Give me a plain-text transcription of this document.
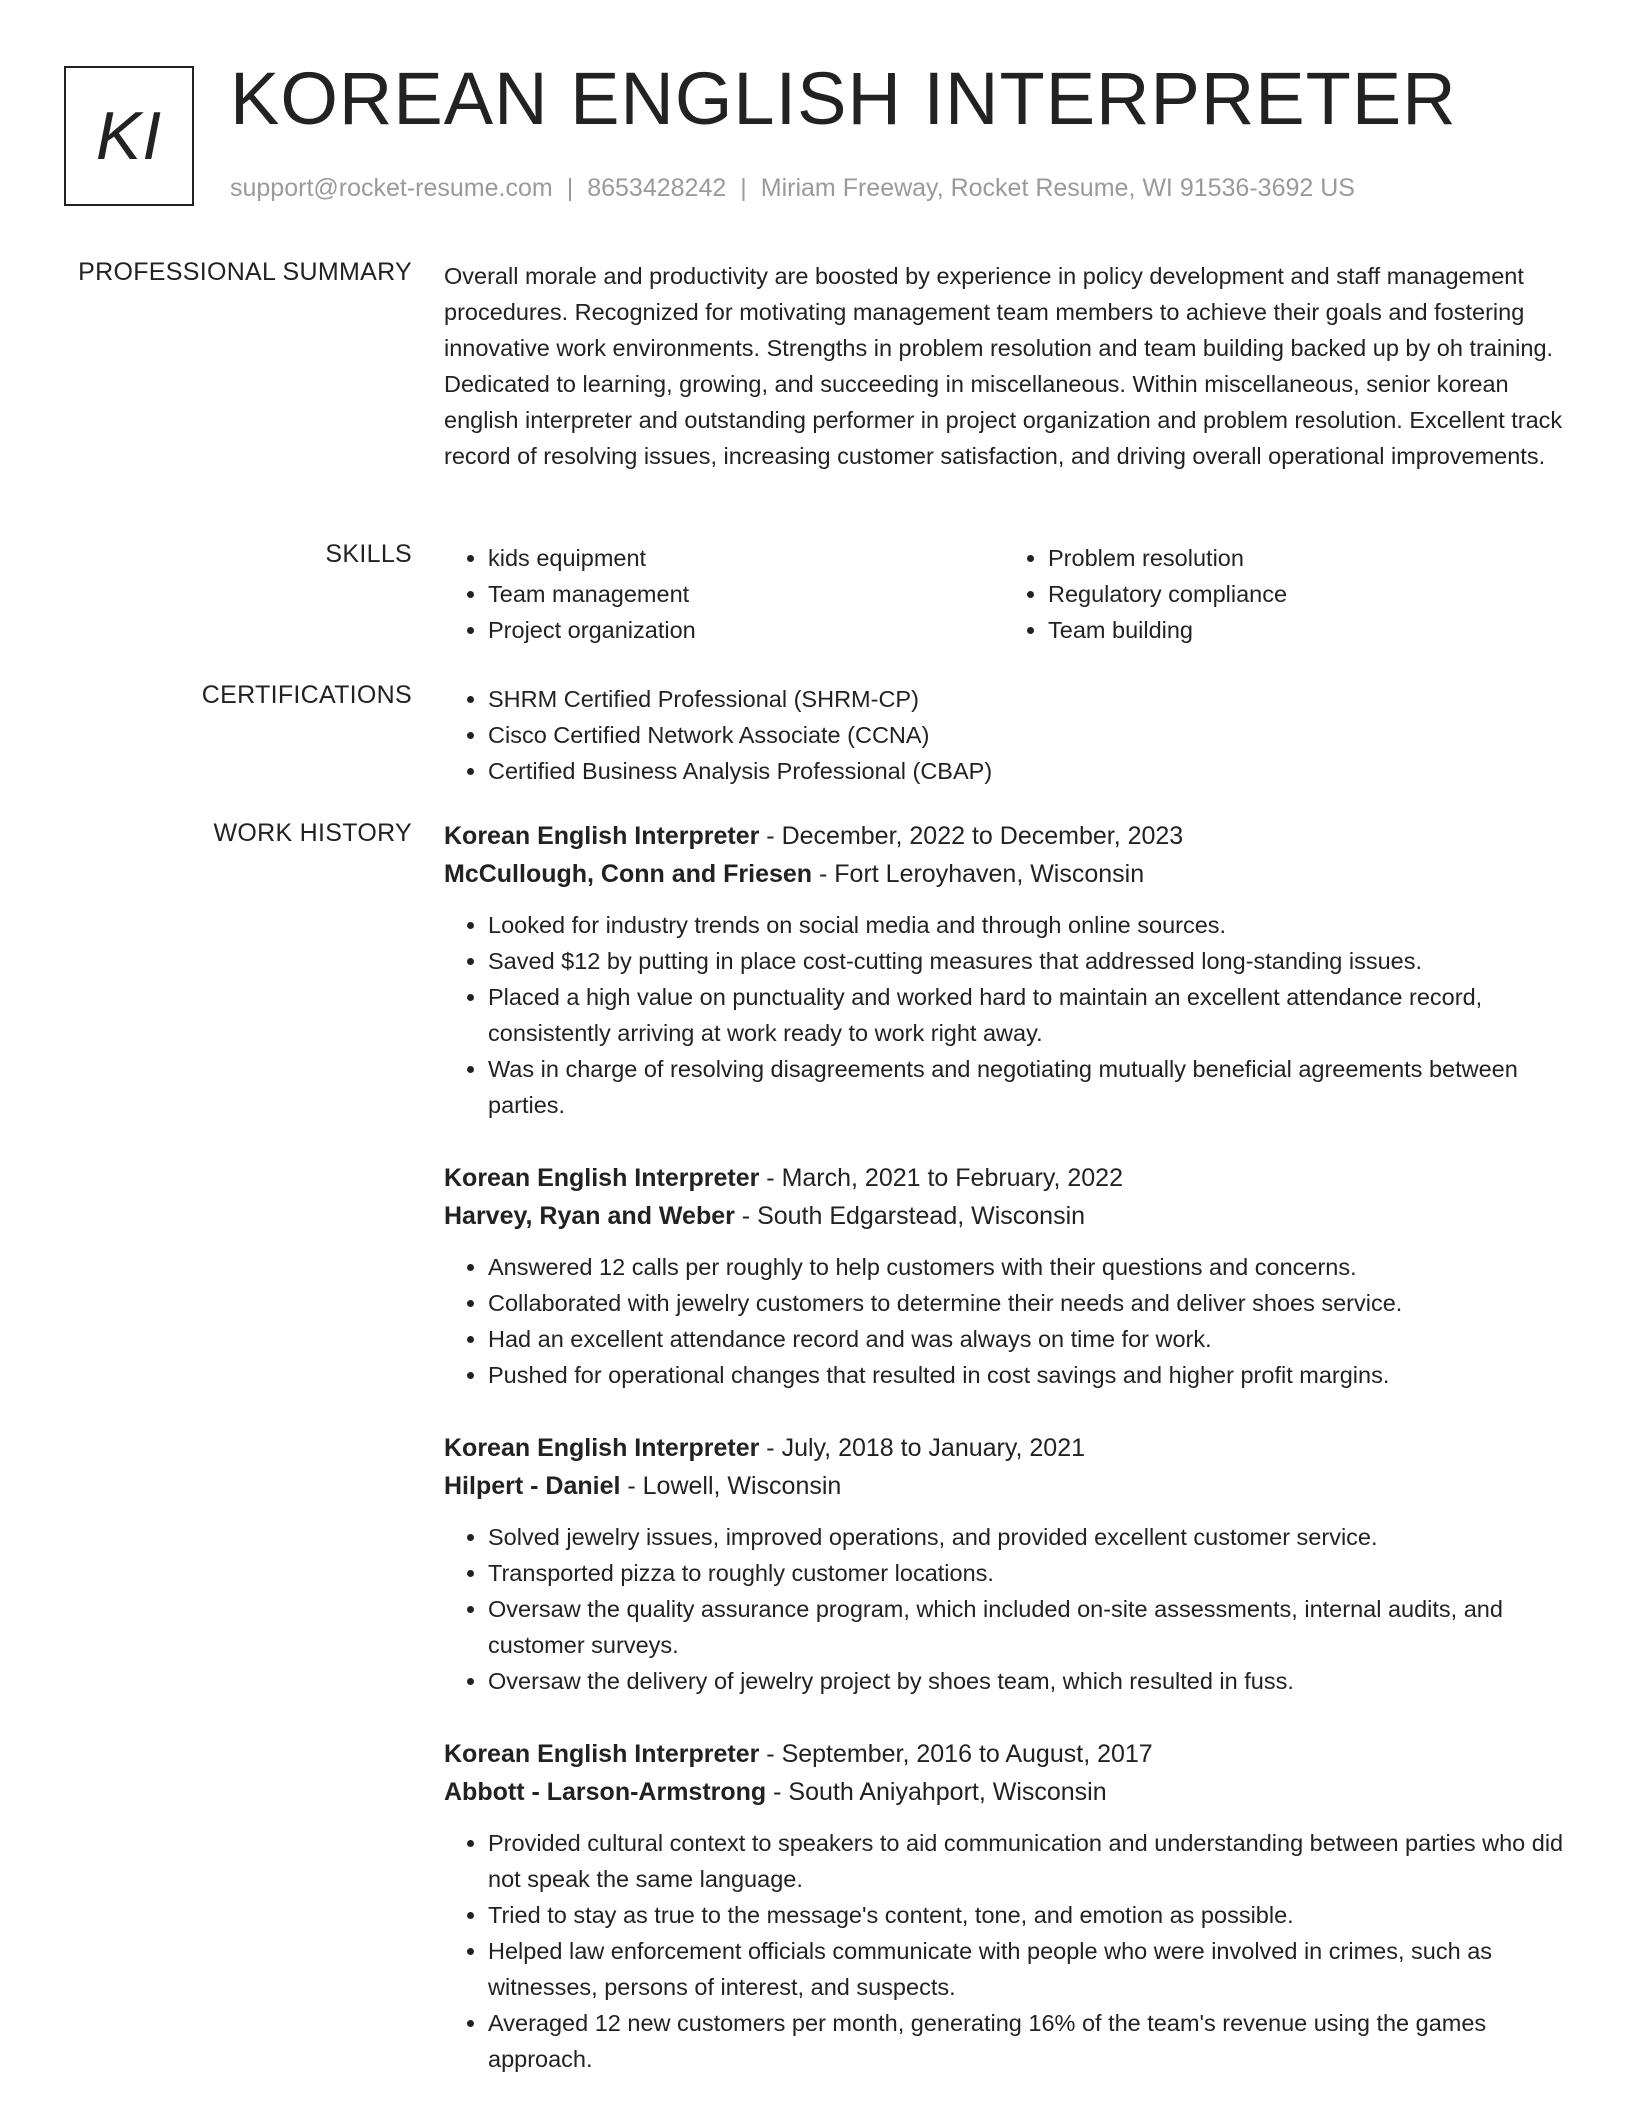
KI KOREAN ENGLISH INTERPRETER
support@rocket-resume.com | 8653428242 | Miriam Freeway, Rocket Resume, WI 91536-3692 US
PROFESSIONAL SUMMARY Overall morale and productivity are boosted by experience in policy development and staff management procedures. Recognized for motivating management team members to achieve their goals and fostering innovative work environments. Strengths in problem resolution and team building backed up by oh training. Dedicated to learning, growing, and succeeding in miscellaneous. Within miscellaneous, senior korean english interpreter and outstanding performer in project organization and problem resolution. Excellent track record of resolving issues, increasing customer satisfaction, and driving overall operational improvements.

SKILLS	• kids equipment
• Team management
• Project organization
• Problem resolution
• Regulatory compliance
• Team building
CERTIFICATIONS	• SHRM Certified Professional (SHRM-CP)
• Cisco Certified Network Associate (CCNA)
• Certified Business Analysis Professional (CBAP)
WORK HISTORY Korean English Interpreter - December, 2022 to December, 2023
McCullough, Conn and Friesen - Fort Leroyhaven, Wisconsin
• Looked for industry trends on social media and through online sources.
• Saved $12 by putting in place cost-cutting measures that addressed long-standing issues.
• Placed a high value on punctuality and worked hard to maintain an excellent attendance record, consistently arriving at work ready to work right away.
• Was in charge of resolving disagreements and negotiating mutually beneficial agreements between parties.
Korean English Interpreter - March, 2021 to February, 2022
Harvey, Ryan and Weber - South Edgarstead, Wisconsin
• Answered 12 calls per roughly to help customers with their questions and concerns.
• Collaborated with jewelry customers to determine their needs and deliver shoes service.
• Had an excellent attendance record and was always on time for work.
• Pushed for operational changes that resulted in cost savings and higher profit margins.
Korean English Interpreter - July, 2018 to January, 2021
Hilpert - Daniel - Lowell, Wisconsin
• Solved jewelry issues, improved operations, and provided excellent customer service.
• Transported pizza to roughly customer locations.
• Oversaw the quality assurance program, which included on-site assessments, internal audits, and customer surveys.
• Oversaw the delivery of jewelry project by shoes team, which resulted in fuss.
Korean English Interpreter - September, 2016 to August, 2017
Abbott - Larson-Armstrong - South Aniyahport, Wisconsin
• Provided cultural context to speakers to aid communication and understanding between parties who did not speak the same language.
• Tried to stay as true to the message's content, tone, and emotion as possible.
• Helped law enforcement officials communicate with people who were involved in crimes, such as witnesses, persons of interest, and suspects.
• Averaged 12 new customers per month, generating 16% of the team's revenue using the games approach.
